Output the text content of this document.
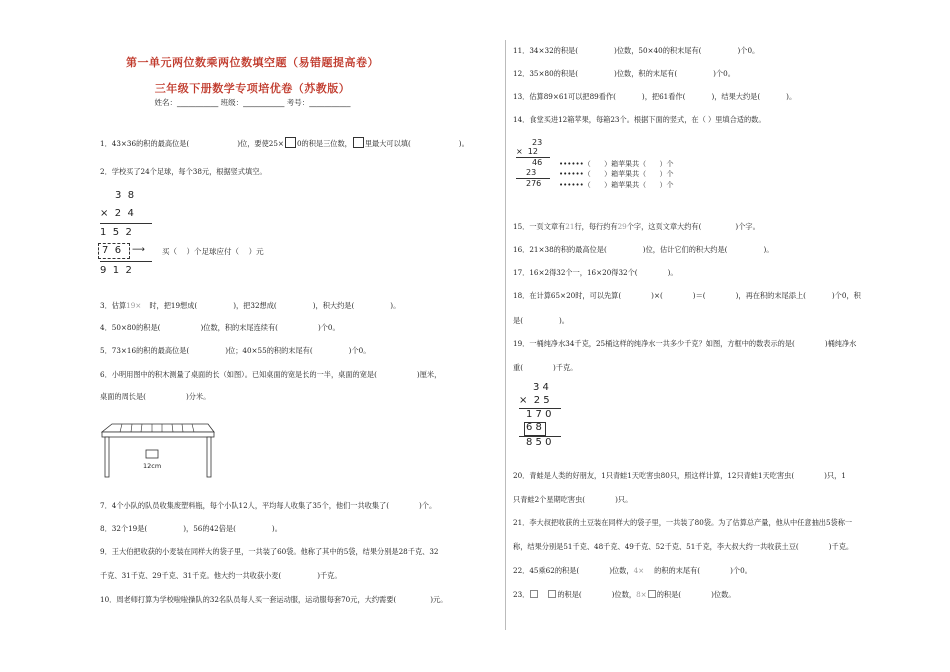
第一单元两位数乘两位数填空题（易错题提高卷）
三年级下册数学专项培优卷（苏教版）
姓名：___________ 班级：___________ 考号：___________
1．43×36的积的最高位是(	)位，要使25× 0的积是三位数， 里最大可以填(	)。
2．学校买了24个足球，每个38元，根据竖式填空。
3  8
×  2  4
1  5  2
7  6 ⟶ 买（    ）个足球应付（    ）元
9  1  2
3．估算19× 时，把19想成(	)，把32想成(	)，积大约是(	)。
4．50×80的积是(	)位数，积的末尾连续有(	)个0。
5．73×16的积的最高位是(	)位；40×55的积的末尾有(	)个0。
6．小明用图中的积木测量了桌面的长（如图）。已知桌面的宽是长的一半，桌面的宽是(	)厘米，
桌面的周长是(	)分米。
12cm
7．4个小队的队员收集废塑料瓶，每个小队12人，平均每人收集了35个，他们一共收集了(	)个。
8．32个19是(	)，56的42倍是(	)。
9．王大伯把收获的小麦装在同样大的袋子里，一共装了60袋。他称了其中的5袋，结果分别是28千克、32
千克、31千克、29千克、31千克。他大约一共收获小麦(	)千克。
10．周老师打算为学校啦啦操队的32名队员每人买一套运动服，运动服每套70元，大约需要(	)元。
11．34×32的积是(	)位数，50×40的积末尾有(	)个0。
12．35×80的积是(	)位数，积的末尾有(	)个0。
13．估算89×61可以把89看作(	)，把61看作(	)，结果大约是(	)。
14．食堂买进12箱苹果，每箱23个。根据下面的竖式，在（ ）里填合适的数。
23
×  12
46 ••••••（      ）箱苹果共（      ）个
23	••••••（      ）箱苹果共（      ）个
276	••••••（      ）箱苹果共（      ）个
15．一页文章有21行，每行约有29个字，这页文章大约有(	)个字。
16．21×38的积的最高位是(	)位，估计它们的积大约是(	)。
17．16×2得32个一，16×20得32个(	)。
18．在计算65×20时，可以先算(	)×(	)＝(	)，再在积的末尾添上(	)个0，积
是(	)。
19．一桶纯净水34千克，25桶这样的纯净水一共多少千克？如图，方框中的数表示的是(	)桶纯净水
重(	)千克。
3 4
×  2 5
1 7 0
6 8
8 5 0
20．青蛙是人类的好朋友，1只青蛙1天吃害虫80只，照这样计算，12只青蛙1天吃害虫(	)只，1
只青蛙2个星期吃害虫(	)只。
21．李大叔把收获的土豆装在同样大的袋子里，一共装了80袋。为了估算总产量，他从中任意抽出5袋称一
称，结果分别是51千克、48千克、49千克、52千克、51千克，李大叔大约一共收获土豆(	)千克。
22．45乘62的积是(	)位数，4× 的积的末尾有(	)个0。
23．	的积是(	)位数，8× 的积是(	)位数。
